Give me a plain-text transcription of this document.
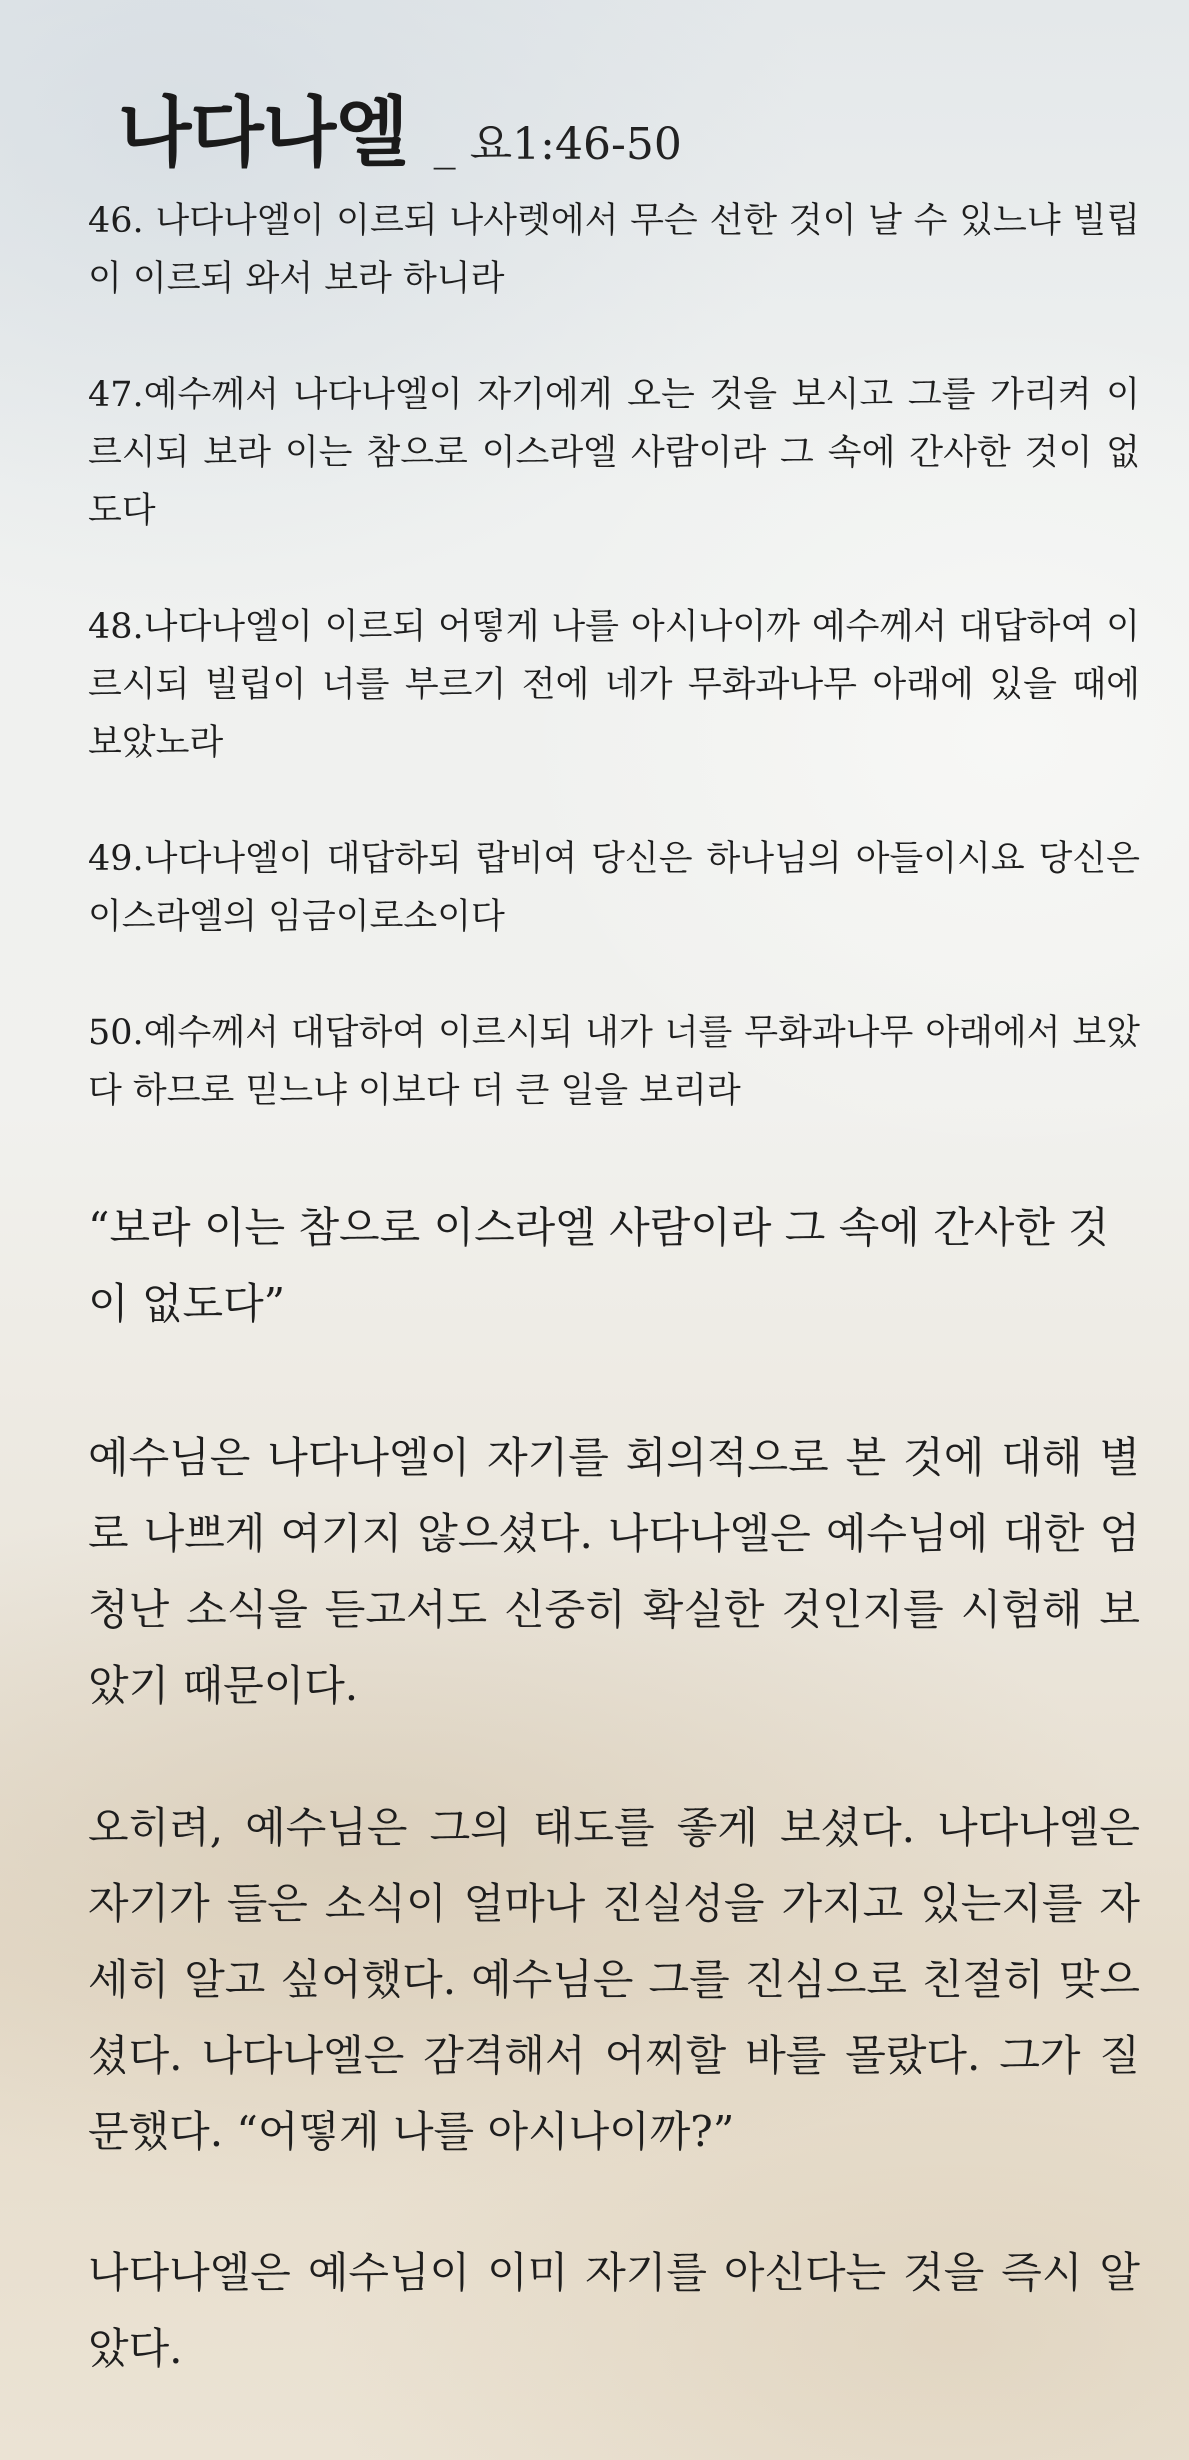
나다나엘 _ 요1:46-50

46. 나다나엘이 이르되 나사렛에서 무슨 선한 것이 날 수 있느냐 빌립이 이르되 와서 보라 하니라

47.예수께서 나다나엘이 자기에게 오는 것을 보시고 그를 가리켜 이르시되 보라 이는 참으로 이스라엘 사람이라 그 속에 간사한 것이 없도다

48.나다나엘이 이르되 어떻게 나를 아시나이까 예수께서 대답하여 이르시되 빌립이 너를 부르기 전에 네가 무화과나무 아래에 있을 때에 보았노라

49.나다나엘이 대답하되 랍비여 당신은 하나님의 아들이시요 당신은 이스라엘의 임금이로소이다

50.예수께서 대답하여 이르시되 내가 너를 무화과나무 아래에서 보았다 하므로 믿느냐 이보다 더 큰 일을 보리라

“보라 이는 참으로 이스라엘 사람이라 그 속에 간사한 것이 없도다”

예수님은 나다나엘이 자기를 회의적으로 본 것에 대해 별로 나쁘게 여기지 않으셨다. 나다나엘은 예수님에 대한 엄청난 소식을 듣고서도 신중히 확실한 것인지를 시험해 보았기 때문이다.

오히려, 예수님은 그의 태도를 좋게 보셨다. 나다나엘은 자기가 들은 소식이 얼마나 진실성을 가지고 있는지를 자세히 알고 싶어했다. 예수님은 그를 진심으로 친절히 맞으셨다. 나다나엘은 감격해서 어찌할 바를 몰랐다. 그가 질문했다. “어떻게 나를 아시나이까?”

나다나엘은 예수님이 이미 자기를 아신다는 것을 즉시 알았다.
